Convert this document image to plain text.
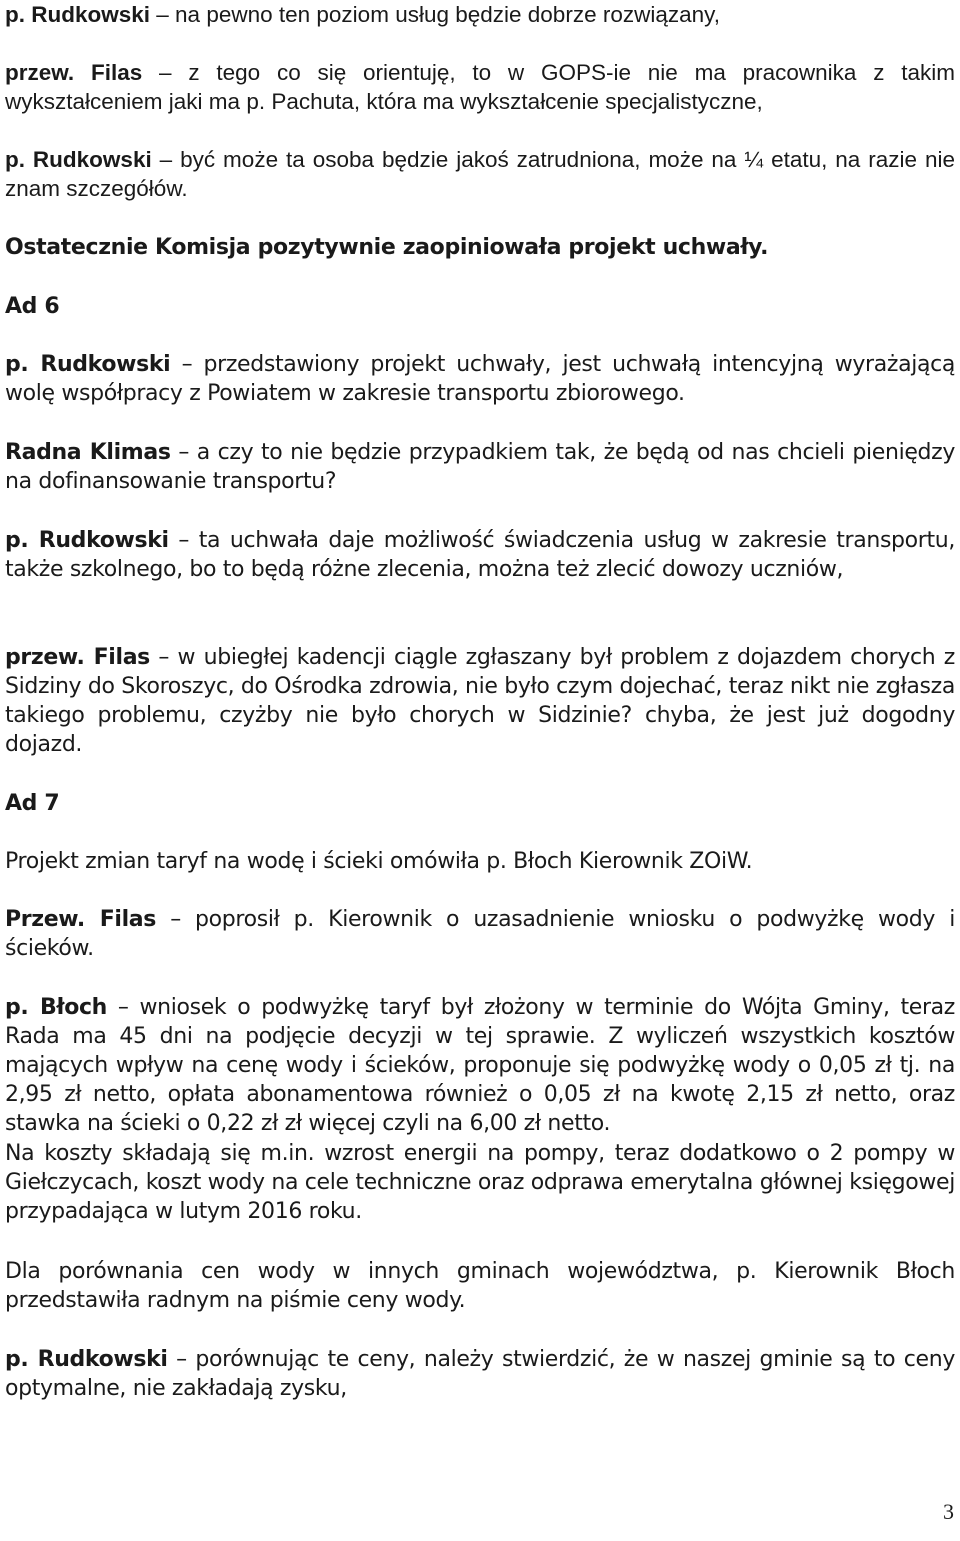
p. Rudkowski – na pewno ten poziom usług będzie dobrze rozwiązany,

przew. Filas – z tego co się orientuję, to w GOPS-ie nie ma pracownika z takim wykształceniem jaki ma p. Pachuta, która ma wykształcenie specjalistyczne,

p. Rudkowski – być może ta osoba będzie jakoś zatrudniona, może na ¼ etatu, na razie nie znam szczegółów.

Ostatecznie Komisja pozytywnie zaopiniowała projekt uchwały.

Ad 6

p. Rudkowski – przedstawiony projekt uchwały, jest uchwałą intencyjną wyrażającą wolę współpracy z Powiatem w zakresie transportu zbiorowego.

Radna Klimas – a czy to nie będzie przypadkiem tak, że będą od nas chcieli pieniędzy na dofinansowanie transportu?

p. Rudkowski – ta uchwała daje możliwość świadczenia usług w zakresie transportu, także szkolnego, bo to będą różne zlecenia, można też zlecić dowozy uczniów,

przew. Filas – w ubiegłej kadencji ciągle zgłaszany był problem z dojazdem chorych z Sidziny do Skoroszyc, do Ośrodka zdrowia, nie było czym dojechać, teraz nikt nie zgłasza takiego problemu, czyżby nie było chorych w Sidzinie? chyba, że jest już dogodny dojazd.

Ad 7

Projekt zmian taryf na wodę i ścieki omówiła p. Błoch Kierownik ZOiW.

Przew. Filas – poprosił p. Kierownik o uzasadnienie wniosku o podwyżkę wody i ścieków.

p. Błoch – wniosek o podwyżkę taryf był złożony w terminie do Wójta Gminy, teraz Rada ma 45 dni na podjęcie decyzji w tej sprawie. Z wyliczeń wszystkich kosztów mających wpływ na cenę wody i ścieków, proponuje się podwyżkę wody o 0,05 zł tj. na 2,95 zł netto, opłata abonamentowa również o 0,05 zł na kwotę 2,15 zł netto, oraz stawka na ścieki o 0,22 zł zł więcej czyli na 6,00 zł netto.

Na koszty składają się m.in. wzrost energii na pompy, teraz dodatkowo o 2 pompy w Giełczycach, koszt wody na cele techniczne oraz odprawa emerytalna głównej księgowej przypadająca w lutym 2016 roku.

Dla porównania cen wody w innych gminach województwa, p. Kierownik Błoch przedstawiła radnym na piśmie ceny wody.

p. Rudkowski – porównując te ceny, należy stwierdzić, że w naszej gminie są to ceny optymalne, nie zakładają zysku,

3
